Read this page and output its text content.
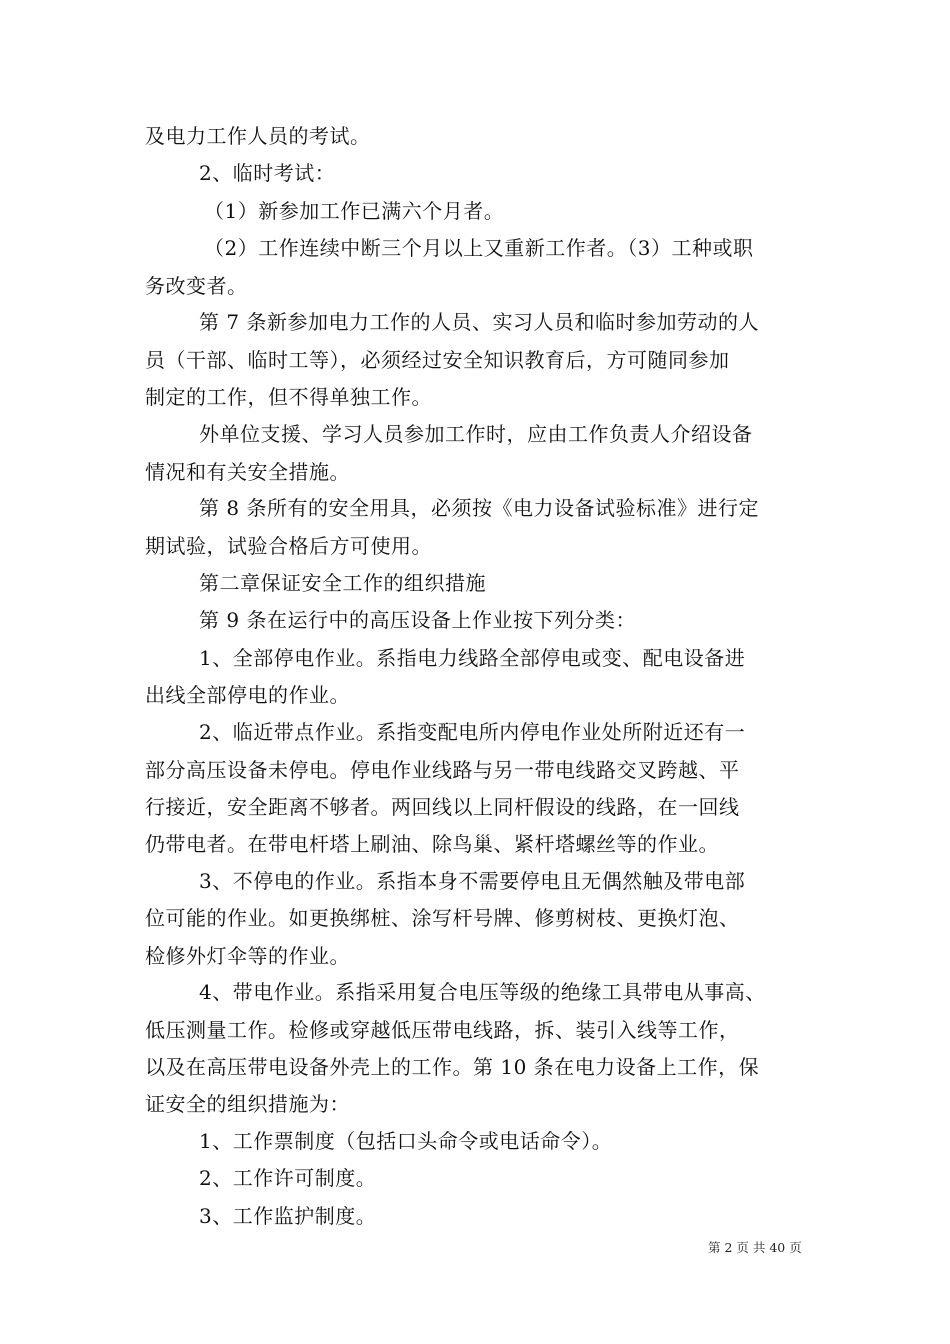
及电力工作人员的考试。
2、临时考试：
（1）新参加工作已满六个月者。
（2）工作连续中断三个月以上又重新工作者。（3）工种或职
务改变者。
第 7 条新参加电力工作的人员、实习人员和临时参加劳动的人
员（干部、临时工等），必须经过安全知识教育后，方可随同参加
制定的工作，但不得单独工作。
外单位支援、学习人员参加工作时，应由工作负责人介绍设备
情况和有关安全措施。
第 8 条所有的安全用具，必须按《电力设备试验标准》进行定
期试验，试验合格后方可使用。
第二章保证安全工作的组织措施
第 9 条在运行中的高压设备上作业按下列分类：
1、全部停电作业。系指电力线路全部停电或变、配电设备进
出线全部停电的作业。
2、临近带点作业。系指变配电所内停电作业处所附近还有一
部分高压设备未停电。停电作业线路与另一带电线路交叉跨越、平
行接近，安全距离不够者。两回线以上同杆假设的线路，在一回线
仍带电者。在带电杆塔上刷油、除鸟巢、紧杆塔螺丝等的作业。
3、不停电的作业。系指本身不需要停电且无偶然触及带电部
位可能的作业。如更换绑桩、涂写杆号牌、修剪树枝、更换灯泡、
检修外灯伞等的作业。
4、带电作业。系指采用复合电压等级的绝缘工具带电从事高、
低压测量工作。检修或穿越低压带电线路，拆、装引入线等工作，
以及在高压带电设备外壳上的工作。第 10 条在电力设备上工作，保
证安全的组织措施为：
1、工作票制度（包括口头命令或电话命令）。
2、工作许可制度。
3、工作监护制度。
第 2 页 共 40 页
